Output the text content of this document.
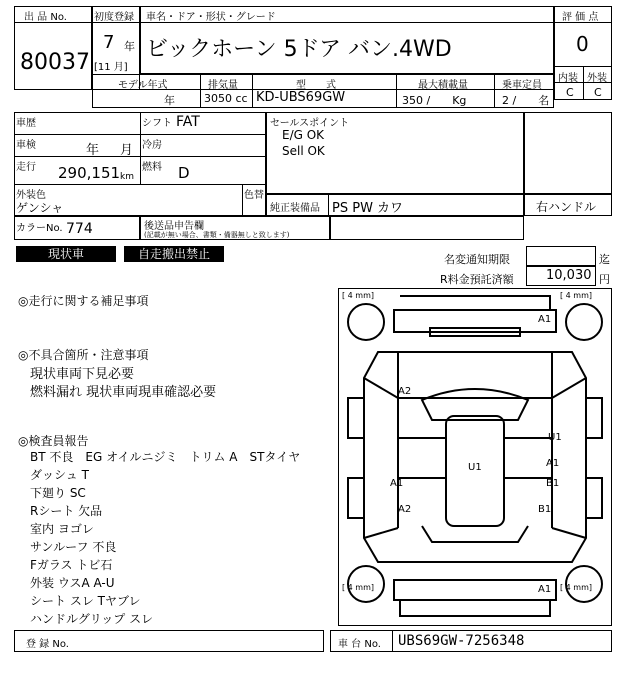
出 品 No.
80037
初度登録
7 年
[11 月]
車名・ドア・形状・グレード
ビックホーン 5ドア バン.4WD
評 価 点
0
内装 外装
C C
モデル年式	排気量	型　　式	最大積載量	乗車定員
年	3050 cc KD-UBS69GW	350 /　　Kg	2 /　　名
車歴	シフト FAT
車検	年 月 冷房
走行 290,151 km
燃料 D
外装色
ゲンシャ
色替
セールスポイント
E/G OK
Sell OK
純正装備品 PS PW カワ	右ハンドル
カラーNo. 774	後送品申告欄
(記載が無い場合、書類・備器無しと致します)
現状車	自走搬出禁止	名変通知期限	迄
R料金預託済額 10,030 円
◎走行に関する補足事項
◎不具合箇所・注意事項
現状車両下見必要
燃料漏れ 現状車両現車確認必要
◎検査員報告
BT 不良　EG オイルニジミ　トリム A　STタイヤ
ダッシュ T
下廻り SC
Rシート 欠品
室内 ヨゴレ
サンルーフ 不良
Fガラス トビ石
外装 ウスA A-U
シート スレ Tヤブレ
ハンドルグリップ スレ
[ 4 mm]	[ 4 mm]
[ 4 mm]	[ 4 mm]
A1
A2
U1
A1
U1
A1	B1
A2	B1
A1
登 録 No.	車 台 No. UBS69GW-7256348
